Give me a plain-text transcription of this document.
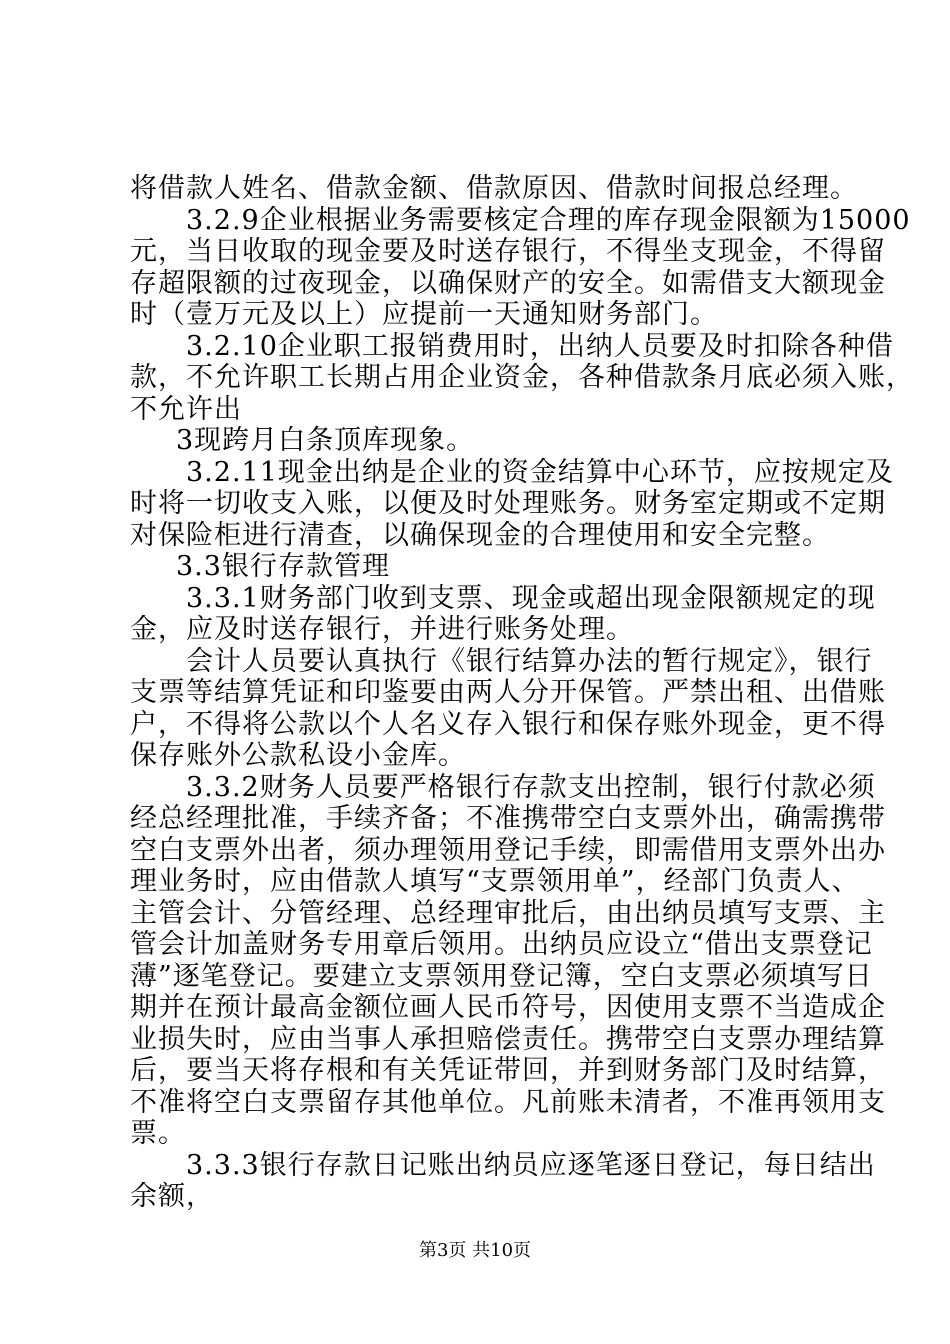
将借款人姓名、借款金额、借款原因、借款时间报总经理。
3.2.9企业根据业务需要核定合理的库存现金限额为15000
元，当日收取的现金要及时送存银行，不得坐支现金，不得留
存超限额的过夜现金，以确保财产的安全。如需借支大额现金
时（壹万元及以上）应提前一天通知财务部门。
3.2.10企业职工报销费用时，出纳人员要及时扣除各种借
款，不允许职工长期占用企业资金，各种借款条月底必须入账，
不允许出
3现跨月白条顶库现象。
3.2.11现金出纳是企业的资金结算中心环节，应按规定及
时将一切收支入账，以便及时处理账务。财务室定期或不定期
对保险柜进行清查，以确保现金的合理使用和安全完整。
3.3银行存款管理
3.3.1财务部门收到支票、现金或超出现金限额规定的现
金，应及时送存银行，并进行账务处理。
会计人员要认真执行《银行结算办法的暂行规定》，银行
支票等结算凭证和印鉴要由两人分开保管。严禁出租、出借账
户，不得将公款以个人名义存入银行和保存账外现金，更不得
保存账外公款私设小金库。
3.3.2财务人员要严格银行存款支出控制，银行付款必须
经总经理批准，手续齐备；不准携带空白支票外出，确需携带
空白支票外出者，须办理领用登记手续，即需借用支票外出办
理业务时，应由借款人填写“支票领用单”，经部门负责人、
主管会计、分管经理、总经理审批后，由出纳员填写支票、主
管会计加盖财务专用章后领用。出纳员应设立“借出支票登记
薄”逐笔登记。要建立支票领用登记簿，空白支票必须填写日
期并在预计最高金额位画人民币符号，因使用支票不当造成企
业损失时，应由当事人承担赔偿责任。携带空白支票办理结算
后，要当天将存根和有关凭证带回，并到财务部门及时结算，
不准将空白支票留存其他单位。凡前账未清者，不准再领用支
票。
3.3.3银行存款日记账出纳员应逐笔逐日登记，每日结出
余额，
第3页 共10页
